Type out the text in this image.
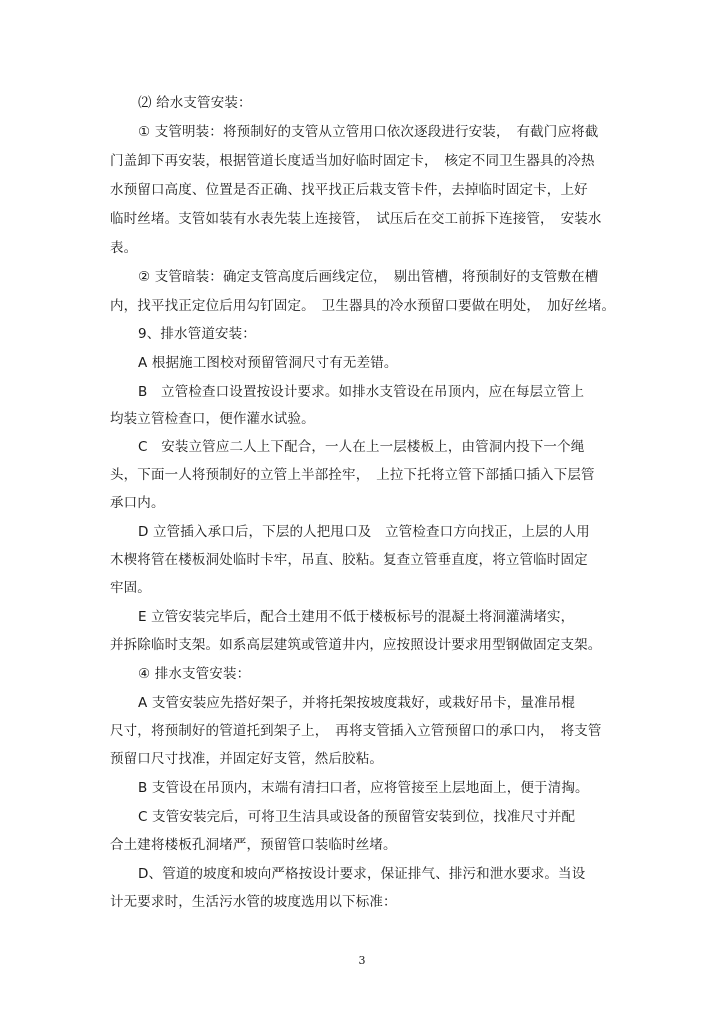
⑵ 给水支管安装：
① 支管明装：将预制好的支管从立管用口依次逐段进行安装，　有截门应将截
门盖卸下再安装，根据管道长度适当加好临时固定卡，　核定不同卫生器具的冷热
水预留口高度、位置是否正确、找平找正后栽支管卡件，去掉临时固定卡，上好
临时丝堵。支管如装有水表先装上连接管，　试压后在交工前拆下连接管，　安装水
表。
② 支管暗装：确定支管高度后画线定位，　剔出管槽，将预制好的支管敷在槽
内，找平找正定位后用勾钉固定。　卫生器具的冷水预留口要做在明处，　加好丝堵。
9、排水管道安装：
A 根据施工图校对预留管洞尺寸有无差错。
B　立管检查口设置按设计要求。如排水支管设在吊顶内，应在每层立管上
均装立管检查口，便作灌水试验。
C　安装立管应二人上下配合，一人在上一层楼板上，由管洞内投下一个绳
头，下面一人将预制好的立管上半部拴牢，　上拉下托将立管下部插口插入下层管
承口内。
D 立管插入承口后，下层的人把甩口及　立管检查口方向找正，上层的人用
木楔将管在楼板洞处临时卡牢，吊直、胶粘。复查立管垂直度，将立管临时固定
牢固。
E 立管安装完毕后，配合土建用不低于楼板标号的混凝土将洞灌满堵实，
并拆除临时支架。如系高层建筑或管道井内，应按照设计要求用型钢做固定支架。
④ 排水支管安装：
A 支管安装应先搭好架子，并将托架按坡度栽好，或栽好吊卡，量准吊棍
尺寸，将预制好的管道托到架子上，　再将支管插入立管预留口的承口内，　将支管
预留口尺寸找准，并固定好支管，然后胶粘。
B 支管设在吊顶内，末端有清扫口者，应将管接至上层地面上，便于清掏。
C 支管安装完后，可将卫生洁具或设备的预留管安装到位，找准尺寸并配
合土建将楼板孔洞堵严，预留管口装临时丝堵。
D、管道的坡度和坡向严格按设计要求，保证排气、排污和泄水要求。当设
计无要求时，生活污水管的坡度选用以下标准：
3
